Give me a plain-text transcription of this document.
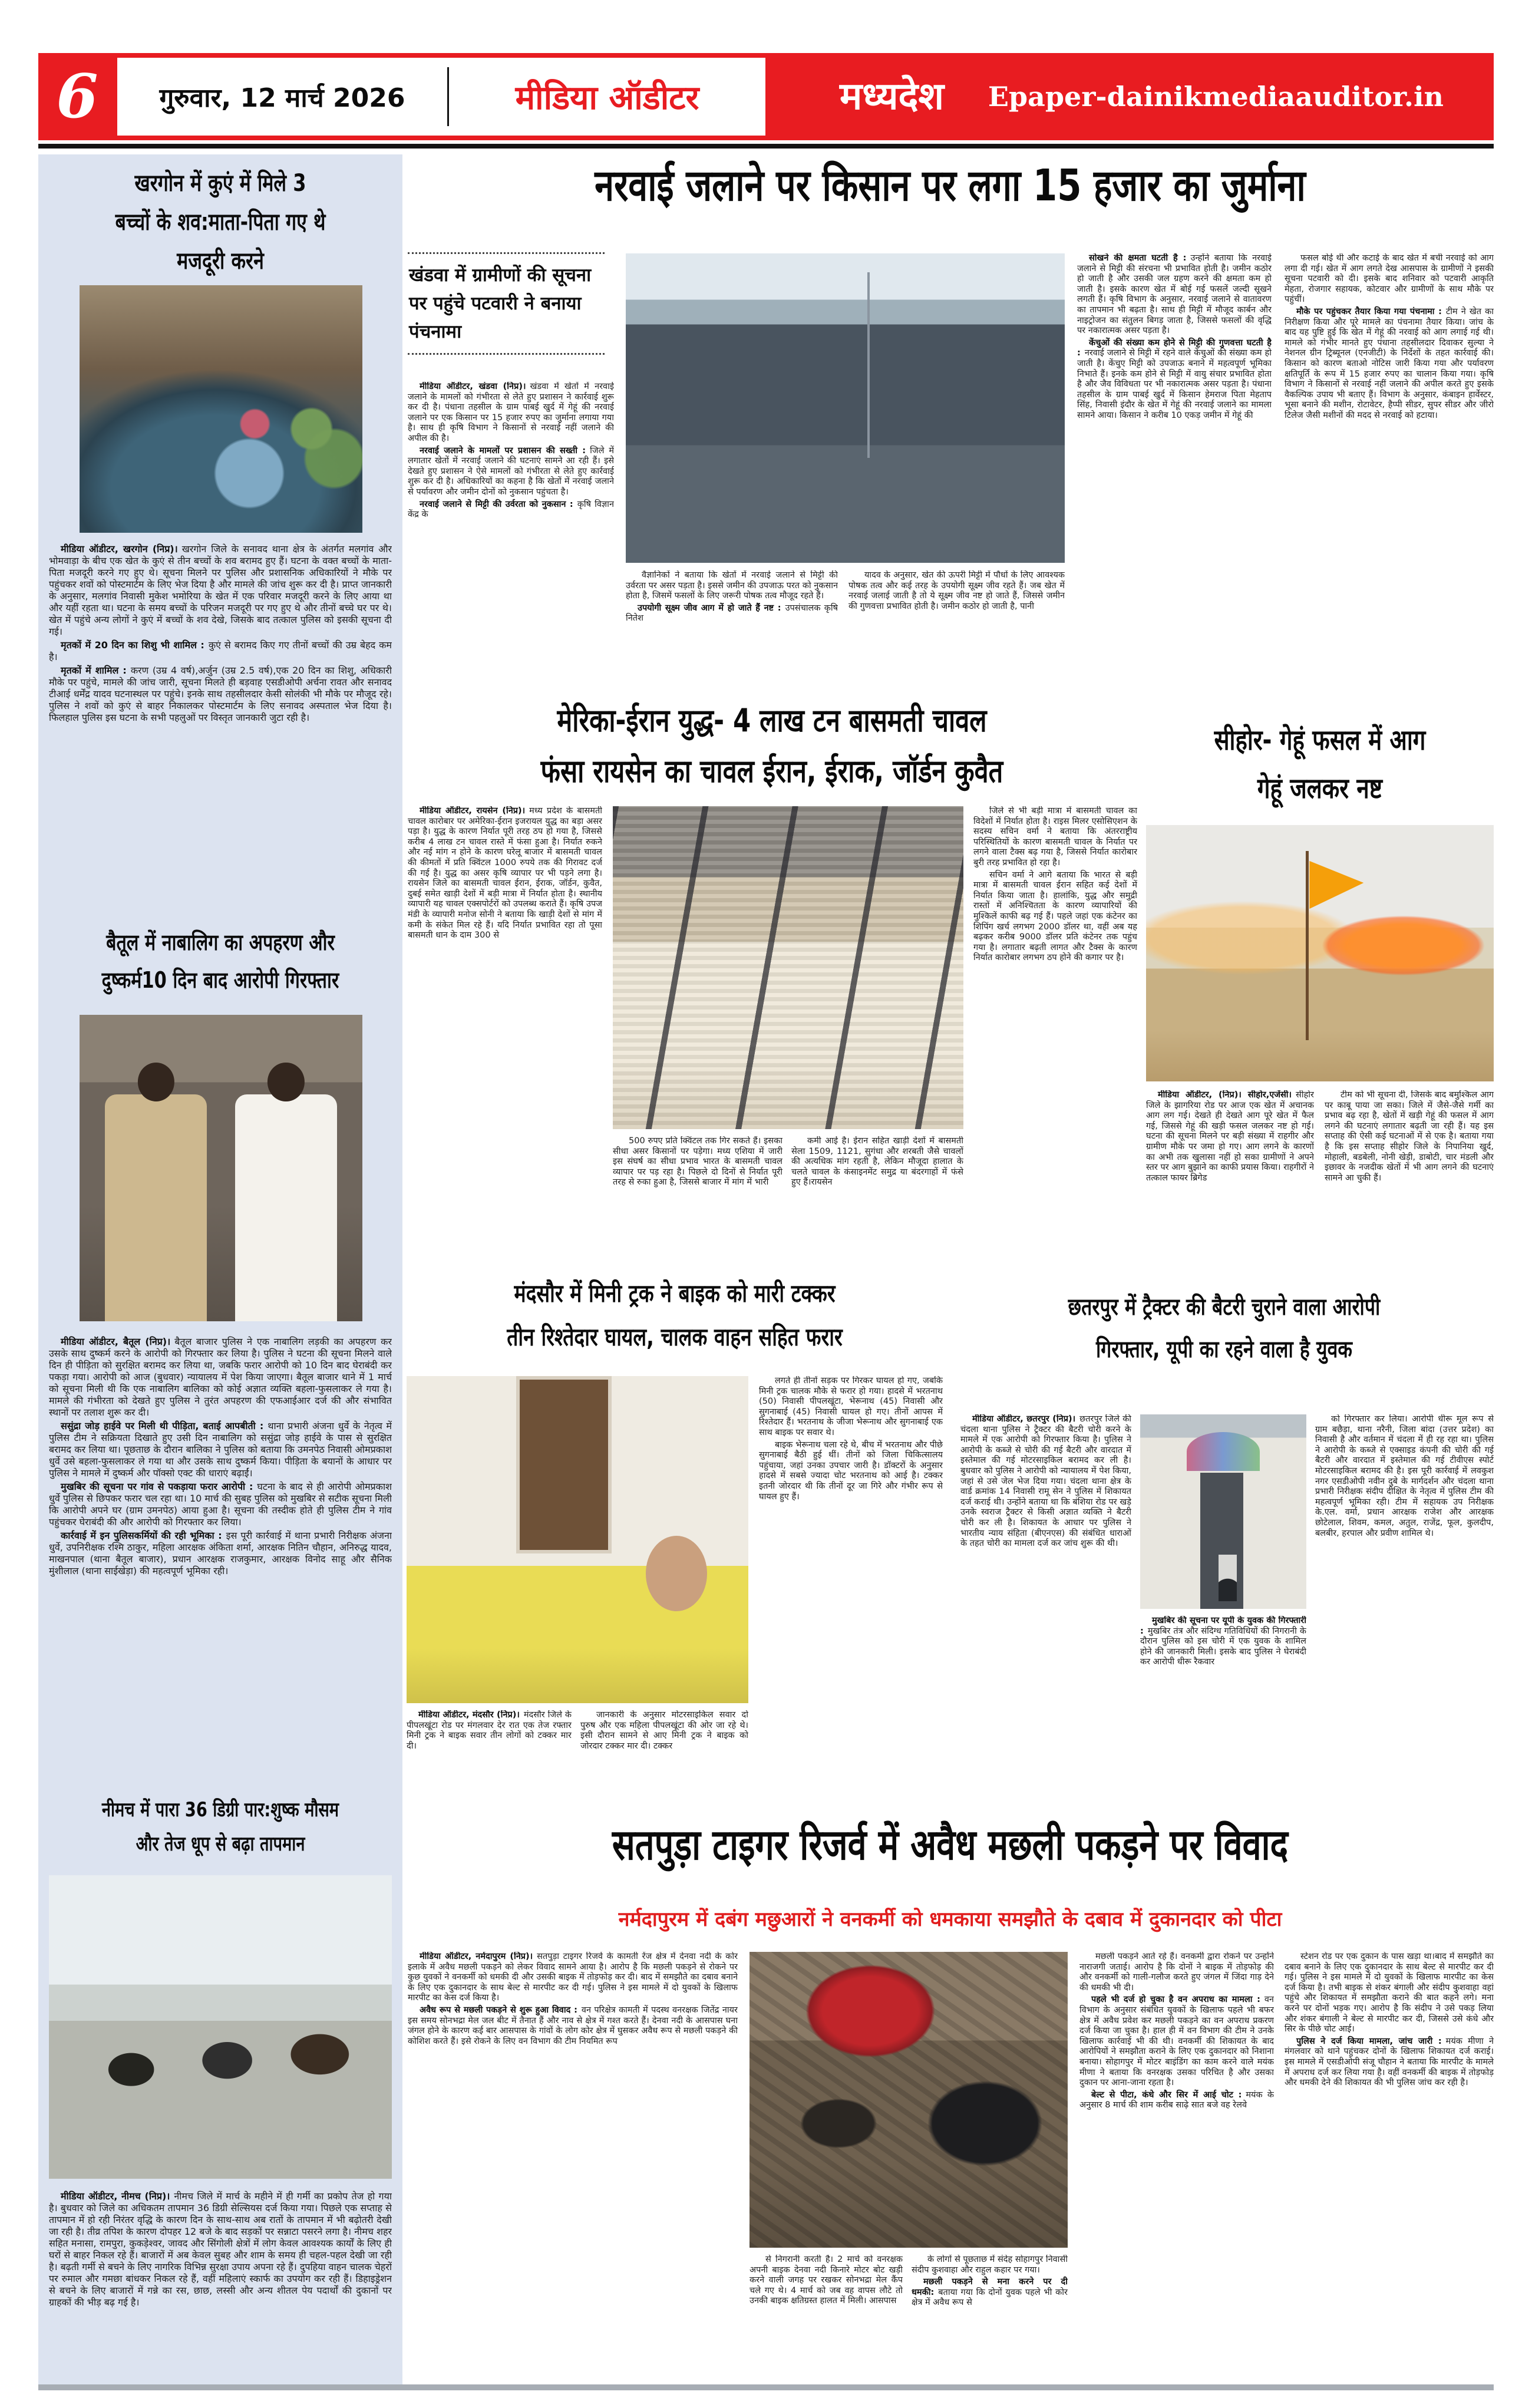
6	गुरुवार, 12 मार्च 2026	मीडिया ऑडीटर	मध्यदेश Epaper-dainikmediaauditor.in
खरगोन में कुएं में मिले 3
बच्चों के शव:माता-पिता गए थे
मजदूरी करने

मीडिया ऑडीटर, खरगोन (निप्र)। खरगोन जिले के सनावद थाना क्षेत्र के अंतर्गत मलगांव और भोमवाड़ा के बीच एक खेत के कुएं से तीन बच्चों के शव बरामद हुए हैं। घटना के वक्त बच्चों के माता-पिता मजदूरी करने गए हुए थे। सूचना मिलने पर पुलिस और प्रशासनिक अधिकारियों ने मौके पर पहुंचकर शवों को पोस्टमार्टम के लिए भेज दिया है और मामले की जांच शुरू कर दी है। प्राप्त जानकारी के अनुसार, मलगांव निवासी मुकेश भमोरिया के खेत में एक परिवार मजदूरी करने के लिए आया था और यहीं रहता था। घटना के समय बच्चों के परिजन मजदूरी पर गए हुए थे और तीनों बच्चे घर पर थे। खेत में पहुंचे अन्य लोगों ने कुएं में बच्चों के शव देखे, जिसके बाद तत्काल पुलिस को इसकी सूचना दी गई।

मृतकों में 20 दिन का शिशु भी शामिल : कुएं से बरामद किए गए तीनों बच्चों की उम्र बेहद कम है।

मृतकों में शामिल : करण (उम्र 4 वर्ष),अर्जुन (उम्र 2.5 वर्ष),एक 20 दिन का शिशु, अधिकारी मौके पर पहुंचे, मामले की जांच जारी, सूचना मिलते ही बड़वाह एसडीओपी अर्चना रावत और सनावद टीआई धर्मेंद्र यादव घटनास्थल पर पहुंचे। इनके साथ तहसीलदार केसी सोलंकी भी मौके पर मौजूद रहे। पुलिस ने शवों को कुएं से बाहर निकालकर पोस्टमार्टम के लिए सनावद अस्पताल भेज दिया है। फिलहाल पुलिस इस घटना के सभी पहलुओं पर विस्तृत जानकारी जुटा रही है।

बैतूल में नाबालिग का अपहरण और
दुष्कर्म10 दिन बाद आरोपी गिरफ्तार

मीडिया ऑडीटर, बैतूल (निप्र)। बैतूल बाजार पुलिस ने एक नाबालिग लड़की का अपहरण कर उसके साथ दुष्कर्म करने के आरोपी को गिरफ्तार कर लिया है। पुलिस ने घटना की सूचना मिलने वाले दिन ही पीड़िता को सुरक्षित बरामद कर लिया था, जबकि फरार आरोपी को 10 दिन बाद घेराबंदी कर पकड़ा गया। आरोपी को आज (बुधवार) न्यायालय में पेश किया जाएगा। बैतूल बाजार थाने में 1 मार्च को सूचना मिली थी कि एक नाबालिग बालिका को कोई अज्ञात व्यक्ति बहला-फुसलाकर ले गया है। मामले की गंभीरता को देखते हुए पुलिस ने तुरंत अपहरण की एफआईआर दर्ज की और संभावित स्थानों पर तलाश शुरू कर दी।

ससुंद्रा जोड़ हाईवे पर मिली थी पीड़िता, बताई आपबीती : थाना प्रभारी अंजना धुर्वे के नेतृत्व में पुलिस टीम ने सक्रियता दिखाते हुए उसी दिन नाबालिग को ससुंद्रा जोड़ हाईवे के पास से सुरक्षित बरामद कर लिया था। पूछताछ के दौरान बालिका ने पुलिस को बताया कि उमनपेठ निवासी ओमप्रकाश धुर्वे उसे बहला-फुसलाकर ले गया था और उसके साथ दुष्कर्म किया। पीड़िता के बयानों के आधार पर पुलिस ने मामले में दुष्कर्म और पॉक्सो एक्ट की धाराएं बढ़ाईं।

मुखबिर की सूचना पर गांव से पकड़ाया फरार आरोपी : घटना के बाद से ही आरोपी ओमप्रकाश धुर्वे पुलिस से छिपकर फरार चल रहा था। 10 मार्च की सुबह पुलिस को मुखबिर से सटीक सूचना मिली कि आरोपी अपने घर (ग्राम उमनपेठ) आया हुआ है। सूचना की तस्दीक होते ही पुलिस टीम ने गांव पहुंचकर घेराबंदी की और आरोपी को गिरफ्तार कर लिया।

कार्रवाई में इन पुलिसकर्मियों की रही भूमिका : इस पूरी कार्रवाई में थाना प्रभारी निरीक्षक अंजना धुर्वे, उपनिरीक्षक रश्मि ठाकुर, महिला आरक्षक अंकिता शर्मा, आरक्षक नितिन चौहान, अनिरुद्ध यादव, माखनपाल (थाना बैतूल बाजार), प्रधान आरक्षक राजकुमार, आरक्षक विनोद साहू और सैनिक मुंशीलाल (थाना साईखेड़ा) की महत्वपूर्ण भूमिका रही।

नीमच में पारा 36 डिग्री पार:शुष्क मौसम
और तेज धूप से बढ़ा तापमान

मीडिया ऑडीटर, नीमच (निप्र)। नीमच जिले में मार्च के महीने में ही गर्मी का प्रकोप तेज हो गया है। बुधवार को जिले का अधिकतम तापमान 36 डिग्री सेल्सियस दर्ज किया गया। पिछले एक सप्ताह से तापमान में हो रही निरंतर वृद्धि के कारण दिन के साथ-साथ अब रातों के तापमान में भी बढ़ोतरी देखी जा रही है। तीव्र तपिश के कारण दोपहर 12 बजे के बाद सड़कों पर सन्नाटा पसरने लगा है। नीमच शहर सहित मनासा, रामपुरा, कुकड़ेश्वर, जावद और सिंगोली क्षेत्रों में लोग केवल आवश्यक कार्यों के लिए ही घरों से बाहर निकल रहे हैं। बाजारों में अब केवल सुबह और शाम के समय ही चहल-पहल देखी जा रही है। बढ़ती गर्मी से बचने के लिए नागरिक विभिन्न सुरक्षा उपाय अपना रहे हैं। दुपहिया वाहन चालक चेहरों पर रुमाल और गमछा बांधकर निकल रहे हैं, वहीं महिलाएं स्कार्फ का उपयोग कर रही हैं। डिहाइड्रेशन से बचने के लिए बाजारों में गन्ने का रस, छाछ, लस्सी और अन्य शीतल पेय पदार्थों की दुकानों पर ग्राहकों की भीड़ बढ़ गई है।

नरवाई जलाने पर किसान पर लगा 15 हजार का जुर्माना
खंडवा में ग्रामीणों की सूचना पर पहुंचे पटवारी ने बनाया पंचनामा

मीडिया ऑडीटर, खंडवा (निप्र)। खंडवा में खेतों में नरवाई जलाने के मामलों को गंभीरता से लेते हुए प्रशासन ने कार्रवाई शुरू कर दी है। पंधाना तहसील के ग्राम पाबई खुर्द में गेहूं की नरवाई जलाने पर एक किसान पर 15 हजार रुपए का जुर्माना लगाया गया है। साथ ही कृषि विभाग ने किसानों से नरवाई नहीं जलाने की अपील की है।

नरवाई जलाने के मामलों पर प्रशासन की सख्ती : जिले में लगातार खेतों में नरवाई जलाने की घटनाएं सामने आ रही हैं। इसे देखते हुए प्रशासन ने ऐसे मामलों को गंभीरता से लेते हुए कार्रवाई शुरू कर दी है। अधिकारियों का कहना है कि खेतों में नरवाई जलाने से पर्यावरण और जमीन दोनों को नुकसान पहुंचता है।

नरवाई जलाने से मिट्टी की उर्वरता को नुकसान : कृषि विज्ञान केंद्र के

वैज्ञानिकों ने बताया कि खेतों में नरवाई जलाने से मिट्टी की उर्वरता पर असर पड़ता है। इससे जमीन की उपजाऊ परत को नुकसान होता है, जिसमें फसलों के लिए जरूरी पोषक तत्व मौजूद रहते हैं।

उपयोगी सूक्ष्म जीव आग में हो जाते हैं नष्ट : उपसंचालक कृषि नितेश

यादव के अनुसार, खेत की ऊपरी मिट्टी में पौधों के लिए आवश्यक पोषक तत्व और कई तरह के उपयोगी सूक्ष्म जीव रहते हैं। जब खेत में नरवाई जलाई जाती है तो ये सूक्ष्म जीव नष्ट हो जाते हैं, जिससे जमीन की गुणवत्ता प्रभावित होती है। जमीन कठोर हो जाती है, पानी

सोखने की क्षमता घटती है : उन्होंने बताया कि नरवाई जलाने से मिट्टी की संरचना भी प्रभावित होती है। जमीन कठोर हो जाती है और उसकी जल ग्रहण करने की क्षमता कम हो जाती है। इसके कारण खेत में बोई गई फसलें जल्दी सूखने लगती हैं। कृषि विभाग के अनुसार, नरवाई जलाने से वातावरण का तापमान भी बढ़ता है। साथ ही मिट्टी में मौजूद कार्बन और नाइट्रोजन का संतुलन बिगड़ जाता है, जिससे फसलों की वृद्धि पर नकारात्मक असर पड़ता है।

केंचुओं की संख्या कम होने से मिट्टी की गुणवत्ता घटती है : नरवाई जलाने से मिट्टी में रहने वाले केंचुओं की संख्या कम हो जाती है। केंचुए मिट्टी को उपजाऊ बनाने में महत्वपूर्ण भूमिका निभाते हैं। इनके कम होने से मिट्टी में वायु संचार प्रभावित होता है और जैव विविधता पर भी नकारात्मक असर पड़ता है। पंधाना तहसील के ग्राम पाबई खुर्द में किसान हेमराज पिता मेहताप सिंह, निवासी इंदौर के खेत में गेहूं की नरवाई जलाने का मामला सामने आया। किसान ने करीब 10 एकड़ जमीन में गेहूं की

फसल बोई थी और कटाई के बाद खेत में बची नरवाई को आग लगा दी गई। खेत में आग लगते देख आसपास के ग्रामीणों ने इसकी सूचना पटवारी को दी। इसके बाद शनिवार को पटवारी आकृति मेहता, रोजगार सहायक, कोटवार और ग्रामीणों के साथ मौके पर पहुंचीं।

मौके पर पहुंचकर तैयार किया गया पंचनामा : टीम ने खेत का निरीक्षण किया और पूरे मामले का पंचनामा तैयार किया। जांच के बाद यह पुष्टि हुई कि खेत में गेहूं की नरवाई को आग लगाई गई थी। मामले को गंभीर मानते हुए पंधाना तहसीलदार दिवाकर सुल्या ने नेशनल ग्रीन ट्रिब्यूनल (एनजीटी) के निर्देशों के तहत कार्रवाई की। किसान को कारण बताओ नोटिस जारी किया गया और पर्यावरण क्षतिपूर्ति के रूप में 15 हजार रुपए का चालान किया गया। कृषि विभाग ने किसानों से नरवाई नहीं जलाने की अपील करते हुए इसके वैकल्पिक उपाय भी बताए हैं। विभाग के अनुसार, कंबाइन हार्वेस्टर, भूसा बनाने की मशीन, रोटावेटर, हैप्पी सीडर, सुपर सीडर और जीरो टिलेज जैसी मशीनों की मदद से नरवाई को हटाया।

मेरिका-ईरान युद्ध- 4 लाख टन बासमती चावल
फंसा रायसेन का चावल ईरान, ईराक, जॉर्डन कुवैत

मीडिया ऑडीटर, रायसेन (निप्र)। मध्य प्रदेश के बासमती चावल कारोबार पर अमेर‍िका-ईरान इजरायल युद्ध का बड़ा असर पड़ा है। युद्ध के कारण निर्यात पूरी तरह ठप हो गया है, जिससे करीब 4 लाख टन चावल रास्ते में फंसा हुआ है। निर्यात रुकने और नई मांग न होने के कारण घरेलू बाजार में बासमती चावल की कीमतों में प्रति क्विंटल 1000 रुपये तक की गिरावट दर्ज की गई है। युद्ध का असर कृषि व्यापार पर भी पड़ने लगा है। रायसेन जिले का बासमती चावल ईरान, ईराक, जॉर्डन, कुवैत, दुबई समेत खाड़ी देशों में बड़ी मात्रा में निर्यात होता है। स्थानीय व्यापारी यह चावल एक्सपोर्टरों को उपलब्ध कराते हैं। कृषि उपज मंडी के व्यापारी मनोज सोनी ने बताया कि खाड़ी देशों से मांग में कमी के संकेत मिल रहे हैं। यदि निर्यात प्रभावित रहा तो पूसा बासमती धान के दाम 300 से

500 रुपए प्रति क्विंटल तक गिर सकते हैं। इसका सीधा असर किसानों पर पड़ेगा। मध्य एशिया में जारी इस संघर्ष का सीधा प्रभाव भारत के बासमती चावल व्यापार पर पड़ रहा है। पिछले दो दिनों से निर्यात पूरी तरह से रुका हुआ है, जिससे बाजार में मांग में भारी

कमी आई है। ईरान सहित खाड़ी देशों में बासमती सेला 1509, 1121, सुगंधा और शरबती जैसे चावलों की अत्यधिक मांग रहती है, लेकिन मौजूदा हालात के चलते चावल के कंसाइनमेंट समुद्र या बंदरगाहों में फंसे हुए हैं।रायसेन

जिले से भी बड़ी मात्रा में बासमती चावल का विदेशों में निर्यात होता है। राइस मिलर एसोसिएशन के सदस्य सचिन वर्मा ने बताया कि अंतरराष्ट्रीय परिस्थितियों के कारण बासमती चावल के निर्यात पर लगने वाला टैक्स बढ़ गया है, जिससे निर्यात कारोबार बुरी तरह प्रभावित हो रहा है।

सचिन वर्मा ने आगे बताया कि भारत से बड़ी मात्रा में बासमती चावल ईरान सहित कई देशों में निर्यात किया जाता है। हालांकि, युद्ध और समुद्री रास्तों में अनिश्चितता के कारण व्यापारियों की मुश्किलें काफी बढ़ गई हैं। पहले जहां एक कंटेनर का शिपिंग खर्च लगभग 2000 डॉलर था, वहीं अब यह बढ़कर करीब 9000 डॉलर प्रति कंटेनर तक पहुंच गया है। लगातार बढ़ती लागत और टैक्स के कारण निर्यात कारोबार लगभग ठप होने की कगार पर है।

सीहोर- गेहूं फसल में आग
गेहूं जलकर नष्ट

मीडिया ऑडीटर, (निप्र)। सीहोर,एजेंसी। सीहोर जिले के झागरिया रोड पर आज एक खेत में अचानक आग लग गई। देखते ही देखते आग पूरे खेत में फैल गई, जिससे गेहूं की खड़ी फसल जलकर नष्ट हो गई। घटना की सूचना मिलने पर बड़ी संख्या में राहगीर और ग्रामीण मौके पर जमा हो गए। आग लगने के कारणों का अभी तक खुलासा नहीं हो सका ग्रामीणों ने अपने स्तर पर आग बुझाने का काफी प्रयास किया। राहगीरों ने तत्काल फायर ब्रिगेड

टीम को भी सूचना दी, जिसके बाद बमुश्किल आग पर काबू पाया जा सका। जिले में जैसे-जैसे गर्मी का प्रभाव बढ़ रहा है, खेतों में खड़ी गेहूं की फसल में आग लगने की घटनाएं लगातार बढ़ती जा रही हैं। यह इस सप्ताह की ऐसी कई घटनाओं में से एक है। बताया गया है कि इस सप्ताह सीहोर जिले के निपानिया खुर्द, मोहाली, बडबेली, नोनी खेड़ी, डाबोटी, चार मंडली और इछावर के नजदीक खेतों में भी आग लगने की घटनाएं सामने आ चुकी हैं।

मंदसौर में मिनी ट्रक ने बाइक को मारी टक्कर
तीन रिश्तेदार घायल, चालक वाहन सहित फरार

लगते ही तीनों सड़क पर गिरकर घायल हो गए, जबकि मिनी ट्रक चालक मौके से फरार हो गया। हादसे में भरतनाथ (50) निवासी पीपलखूंटा, भेरूनाथ (45) निवासी और सुगनाबाई (45) निवासी घायल हो गए। तीनों आपस में रिश्तेदार हैं। भरतनाथ के जीजा भेरूनाथ और सुगनाबाई एक साथ बाइक पर सवार थे।

बाइक भेरूनाथ चला रहे थे, बीच में भरतनाथ और पीछे सुगनाबाई बैठी हुई थीं। तीनों को जिला चिकित्सालय पहुंचाया, जहां उनका उपचार जारी है। डॉक्टरों के अनुसार हादसे में सबसे ज्यादा चोट भरतनाथ को आई है। टक्कर इतनी जोरदार थी कि तीनों दूर जा गिरे और गंभीर रूप से घायल हुए हैं।

मीडिया ऑडीटर, मंदसौर (निप्र)। मंदसौर जिले के पीपलखूंटा रोड पर मंगलवार देर रात एक तेज रफ्तार मिनी ट्रक ने बाइक सवार तीन लोगों को टक्कर मार दी।

जानकारी के अनुसार मोटरसाइकिल सवार दो पुरुष और एक महिला पीपलखूंटा की ओर जा रहे थे। इसी दौरान सामने से आए मिनी ट्रक ने बाइक को जोरदार टक्कर मार दी। टक्कर

छतरपुर में ट्रैक्टर की बैटरी चुराने वाला आरोपी
गिरफ्तार, यूपी का रहने वाला है युवक

मीडिया ऑडीटर, छतरपुर (निप्र)। छतरपुर जिले की चंदला थाना पुलिस ने ट्रैक्टर की बैटरी चोरी करने के मामले में एक आरोपी को गिरफ्तार किया है। पुलिस ने आरोपी के कब्जे से चोरी की गई बैटरी और वारदात में इस्तेमाल की गई मोटरसाइकिल बरामद कर ली है। बुधवार को पुलिस ने आरोपी को न्यायालय में पेश किया, जहां से उसे जेल भेज दिया गया। चंदला थाना क्षेत्र के वार्ड क्रमांक 14 निवासी रामू सेन ने पुलिस में शिकायत दर्ज कराई थी। उन्होंने बताया था कि बंशिया रोड पर खड़े उनके स्वराज ट्रैक्टर से किसी अज्ञात व्यक्ति ने बैटरी चोरी कर ली है। शिकायत के आधार पर पुलिस ने भारतीय न्याय संहिता (बीएनएस) की संबंधित धाराओं के तहत चोरी का मामला दर्ज कर जांच शुरू की थी।

मुखबिर की सूचना पर यूपी के युवक की गिरफ्तारी : मुखबिर तंत्र और संदिग्ध गतिविधियों की निगरानी के दौरान पुलिस को इस चोरी में एक युवक के शामिल होने की जानकारी मिली। इसके बाद पुलिस ने घेराबंदी कर आरोपी धीरू रैकवार

को गिरफ्तार कर लिया। आरोपी धीरू मूल रूप से ग्राम बछैड़ा, थाना नरैनी, जिला बांदा (उत्तर प्रदेश) का निवासी है और वर्तमान में चंदला में ही रह रहा था। पुलिस ने आरोपी के कब्जे से एक्साइड कंपनी की चोरी की गई बैटरी और वारदात में इस्तेमाल की गई टीवीएस स्पोर्ट मोटरसाइकिल बरामद की है। इस पूरी कार्रवाई में लवकुश नगर एसडीओपी नवीन दुबे के मार्गदर्शन और चंदला थाना प्रभारी निरीक्षक संदीप दीक्षित के नेतृत्व में पुलिस टीम की महत्वपूर्ण भूमिका रही। टीम में सहायक उप निरीक्षक के.एल. वर्मा, प्रधान आरक्षक राजेश और आरक्षक छोटेलाल, शिवम, कमल, अतुल, राजेंद्र, फूल, कुलदीप, बलबीर, हरपाल और प्रवीण शामिल थे।

सतपुड़ा टाइगर रिजर्व में अवैध मछली पकड़ने पर विवाद
नर्मदापुरम में दबंग मछुआरों ने वनकर्मी को धमकाया समझौते के दबाव में दुकानदार को पीटा

मीडिया ऑडीटर, नर्मदापुरम (निप्र)। सतपुड़ा टाइगर रिजर्व के कामती रेंज क्षेत्र में देनवा नदी के कोर इलाके में अवैध मछली पकड़ने को लेकर विवाद सामने आया है। आरोप है कि मछली पकड़ने से रोकने पर कुछ युवकों ने वनकर्मी को धमकी दी और उसकी बाइक में तोड़फोड़ कर दी। बाद में समझौते का दबाव बनाने के लिए एक दुकानदार के साथ बेल्ट से मारपीट कर दी गई। पुलिस ने इस मामले में दो युवकों के खिलाफ मारपीट का केस दर्ज किया है।

अवैध रूप से मछली पकड़ने से शुरू हुआ विवाद : वन परिक्षेत्र कामती में पदस्थ वनरक्षक जितेंद्र नायर इस समय सोनभद्रा मेल जल बीट में तैनात हैं और नाव से क्षेत्र में गश्त करते हैं। देनवा नदी के आसपास घना जंगल होने के कारण कई बार आसपास के गांवों के लोग कोर क्षेत्र में घुसकर अवैध रूप से मछली पकड़ने की कोशिश करते हैं। इसे रोकने के लिए वन विभाग की टीम नियमित रूप

से निगरानी करती है। 2 मार्च को वनरक्षक अपनी बाइक देनवा नदी किनारे मोटर बोट खड़ी करने वाली जगह पर रखकर सोनभद्रा मेल कैंप चले गए थे। 4 मार्च को जब वह वापस लौटे तो उनकी बाइक क्षतिग्रस्त हालत में मिली। आसपास

के लोगों से पूछताछ में संदेह सोहागपुर निवासी संदीप कुशवाहा और राहुल कहार पर गया।

मछली पकड़ने से मना करने पर दी धमकी: बताया गया कि दोनों युवक पहले भी कोर क्षेत्र में अवैध रूप से

मछली पकड़ने आते रहे हैं। वनकर्मी द्वारा रोकने पर उन्होंने नाराजगी जताई। आरोप है कि दोनों ने बाइक में तोड़फोड़ की और वनकर्मी को गाली-गलौज करते हुए जंगल में जिंदा गाड़ देने की धमकी भी दी।

पहले भी दर्ज हो चुका है वन अपराध का मामला : वन विभाग के अनुसार संबंधित युवकों के खिलाफ पहले भी बफर क्षेत्र में अवैध प्रवेश कर मछली पकड़ने का वन अपराध प्रकरण दर्ज किया जा चुका है। हाल ही में वन विभाग की टीम ने उनके खिलाफ कार्रवाई भी की थी। वनकर्मी की शिकायत के बाद आरोपियों ने समझौता कराने के लिए एक दुकानदार को निशाना बनाया। सोहागपुर में मोटर बाइंडिंग का काम करने वाले मयंक मीणा ने बताया कि वनरक्षक उसका परिचित है और उसका दुकान पर आना-जाना रहता है।

बेल्ट से पीटा, कंधे और सिर में आई चोट : मयंक के अनुसार 8 मार्च की शाम करीब साढ़े सात बजे वह रेलवे

स्टेशन रोड पर एक दुकान के पास खड़ा था।बाद में समझौते का दबाव बनाने के लिए एक दुकानदार के साथ बेल्ट से मारपीट कर दी गई। पुलिस ने इस मामले में दो युवकों के खिलाफ मारपीट का केस दर्ज किया है। तभी बाइक से शंकर बंगाली और संदीप कुशवाहा वहां पहुंचे और शिकायत में समझौता कराने की बात कहने लगे। मना करने पर दोनों भड़क गए। आरोप है कि संदीप ने उसे पकड़ लिया और शंकर बंगाली ने बेल्ट से मारपीट कर दी, जिससे उसे कंधे और सिर के पीछे चोट आई।

पुलिस ने दर्ज किया मामला, जांच जारी : मयंक मीणा ने मंगलवार को थाने पहुंचकर दोनों के खिलाफ शिकायत दर्ज कराई। इस मामले में एसडीओपी संजू चौहान ने बताया कि मारपीट के मामले में अपराध दर्ज कर लिया गया है। वहीं वनकर्मी की बाइक में तोड़फोड़ और धमकी देने की शिकायत की भी पुलिस जांच कर रही है।
